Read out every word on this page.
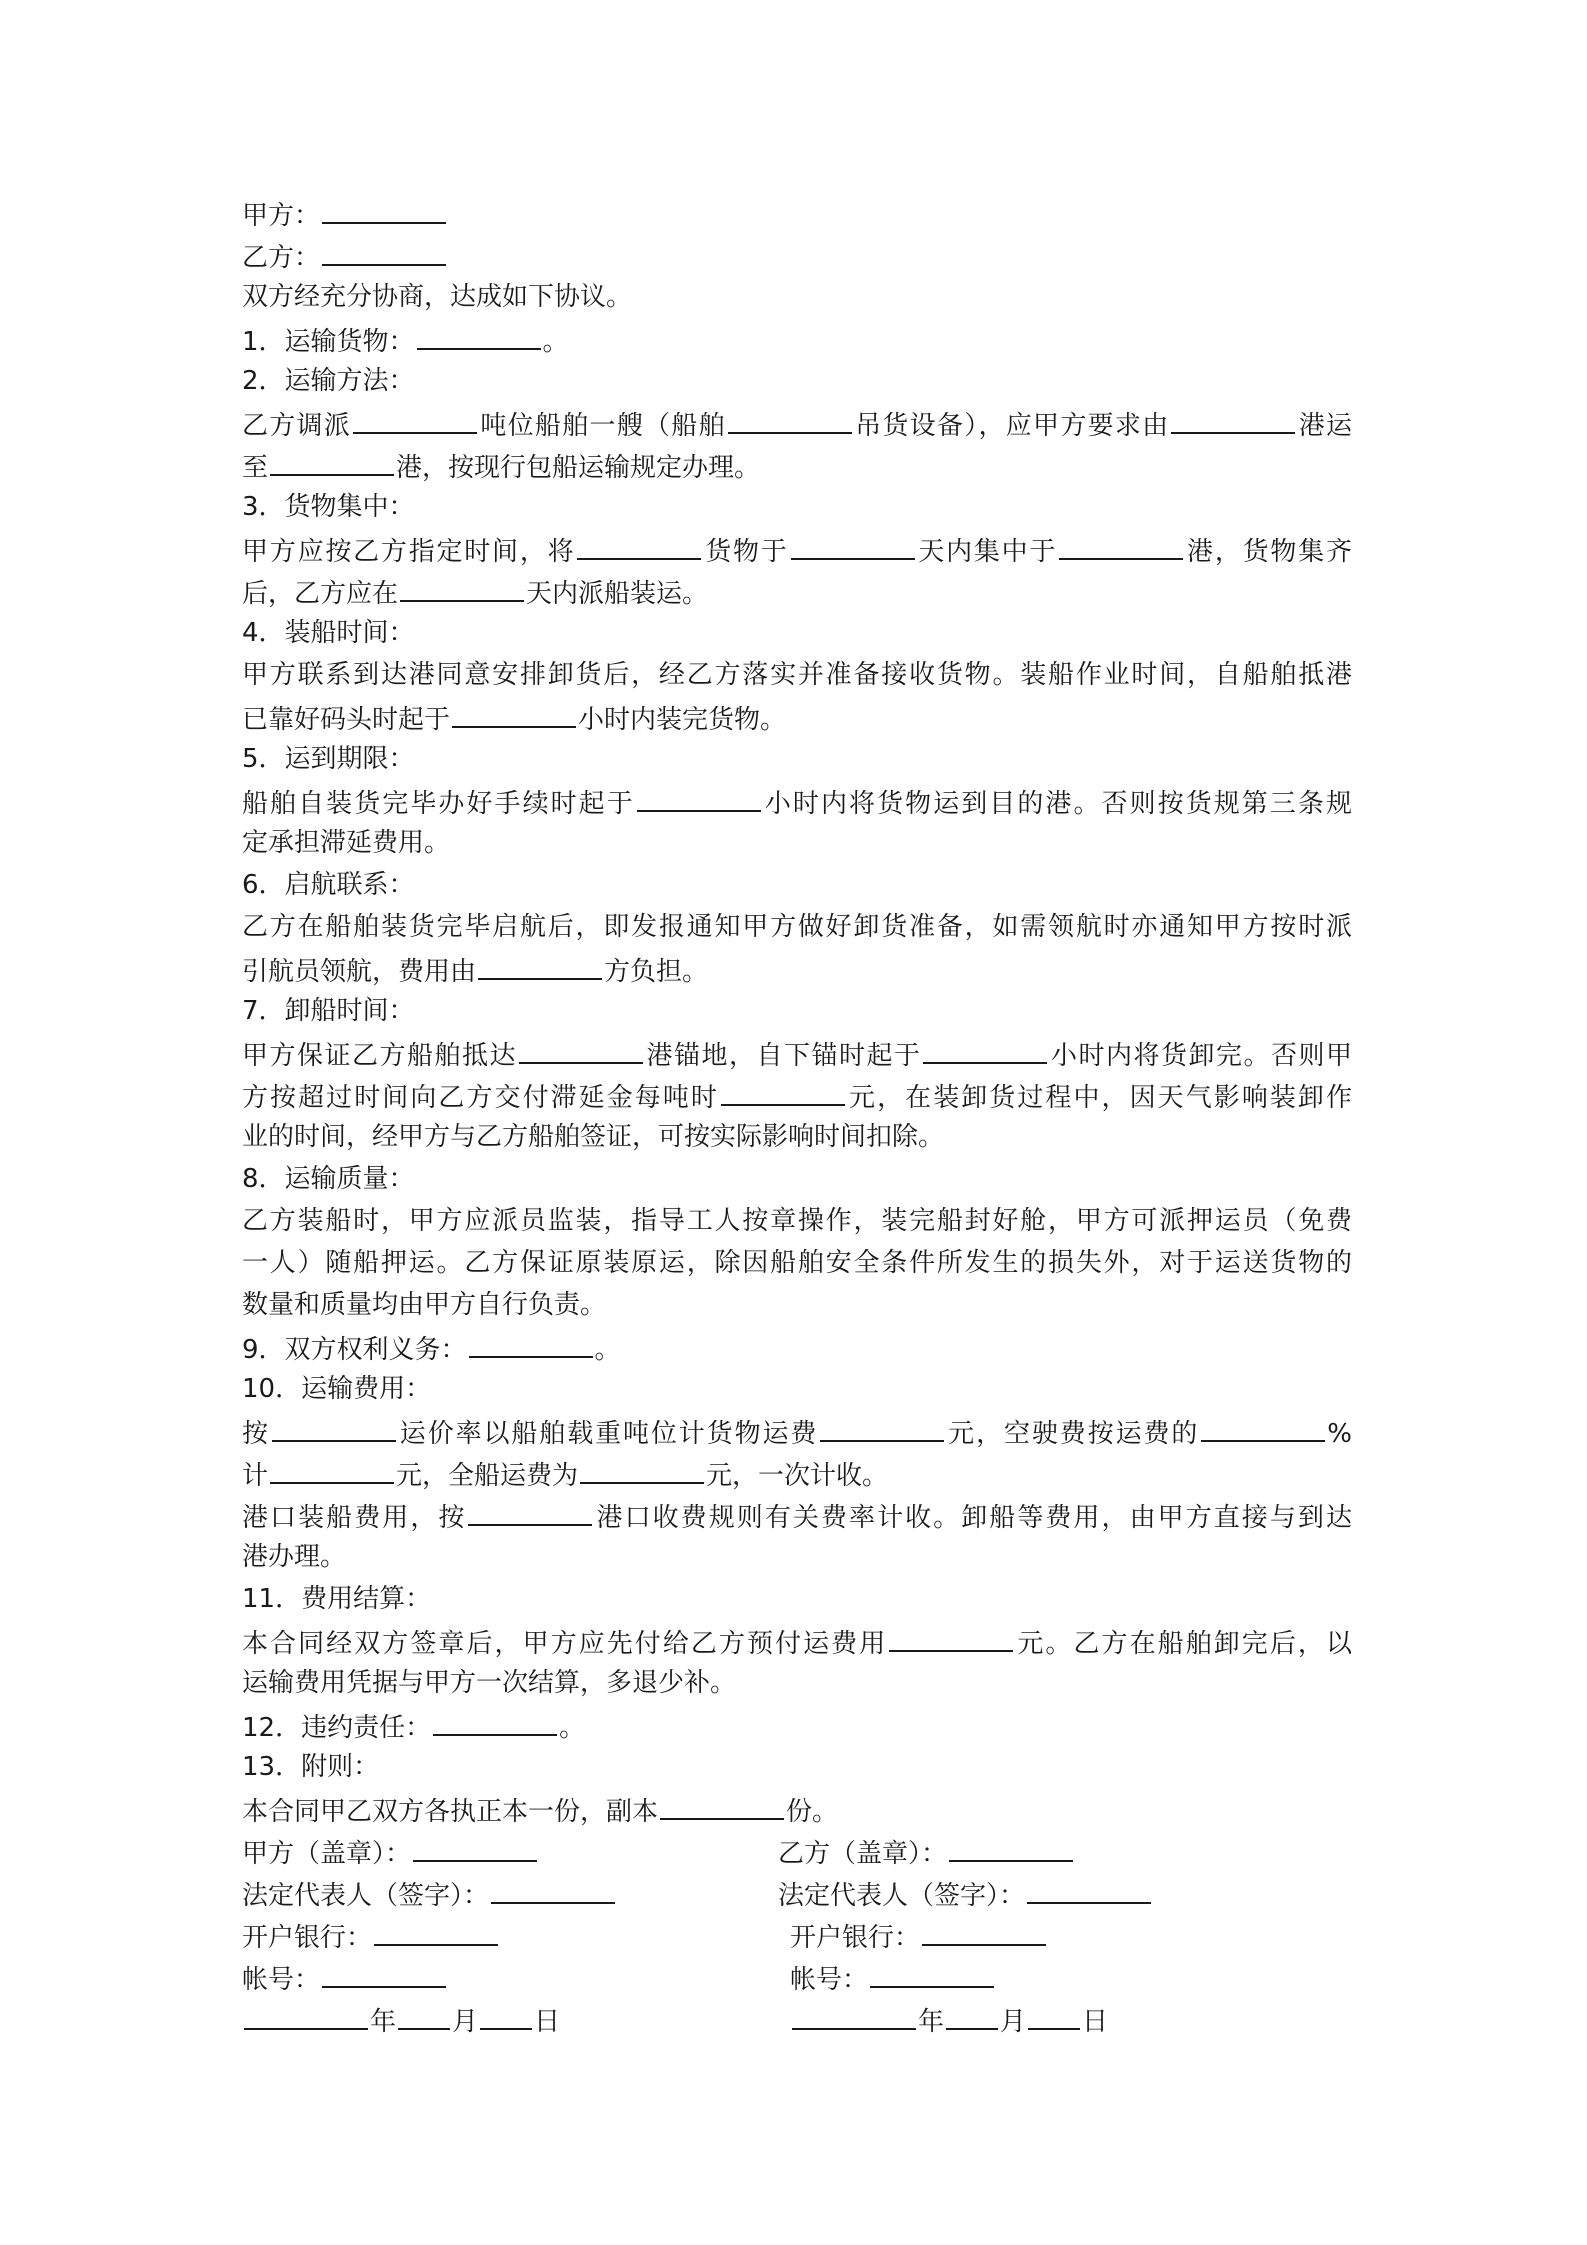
甲方：
乙方：
双方经充分协商，达成如下协议。
1．运输货物：	。
2．运输方法：
乙方调派	吨位船舶一艘（船舶	吊货设备），应甲方要求由	港运
至	港，按现行包船运输规定办理。
3．货物集中：
甲方应按乙方指定时间，将	货物于	天内集中于	港，货物集齐
后，乙方应在	天内派船装运。
4．装船时间：
甲方联系到达港同意安排卸货后，经乙方落实并准备接收货物。装船作业时间，自船舶抵港
已靠好码头时起于	小时内装完货物。
5．运到期限：
船舶自装货完毕办好手续时起于	小时内将货物运到目的港。否则按货规第三条规
定承担滞延费用。
6．启航联系：
乙方在船舶装货完毕启航后，即发报通知甲方做好卸货准备，如需领航时亦通知甲方按时派
引航员领航，费用由	方负担。
7．卸船时间：
甲方保证乙方船舶抵达	港锚地，自下锚时起于	小时内将货卸完。否则甲
方按超过时间向乙方交付滞延金每吨时	元，在装卸货过程中，因天气影响装卸作
业的时间，经甲方与乙方船舶签证，可按实际影响时间扣除。
8．运输质量：
乙方装船时，甲方应派员监装，指导工人按章操作，装完船封好舱，甲方可派押运员（免费
一人）随船押运。乙方保证原装原运，除因船舶安全条件所发生的损失外，对于运送货物的
数量和质量均由甲方自行负责。
9．双方权利义务：	。
10．运输费用：
按	运价率以船舶载重吨位计货物运费	元，空驶费按运费的	%
计	元，全船运费为	元，一次计收。
港口装船费用，按	港口收费规则有关费率计收。卸船等费用，由甲方直接与到达
港办理。
11．费用结算：
本合同经双方签章后，甲方应先付给乙方预付运费用	元。乙方在船舶卸完后，以
运输费用凭据与甲方一次结算，多退少补。
12．违约责任：	。
13．附则：
本合同甲乙双方各执正本一份，副本	份。
甲方（盖章）：	乙方（盖章）：
法定代表人（签字）：	法定代表人（签字）：
开户银行：	开户银行：
帐号：	帐号：
年 月 日	年 月 日
